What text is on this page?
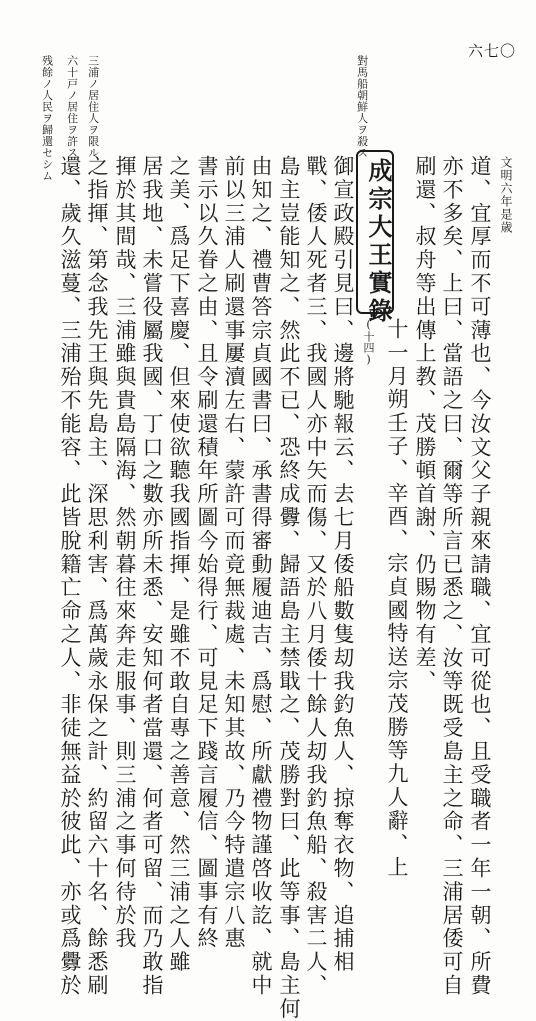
六七〇
文明六年是歳
對馬船朝鮮人ヲ殺ス
三浦ノ居住人ヲ限ル
六十戸ノ居住ヲ許ス
残餘ノ人民ヲ歸還セシム
成宗大王實錄
(十四)	道、宜厚而不可薄也、今汝文父子親來請職、宜可從也、且受職者一年一朝、所費
亦不多矣、上曰、當語之曰、爾等所言已悉之、汝等既受島主之命、三浦居倭可自
刷還、叔舟等出傳上教、茂勝頓首謝、仍賜物有差、
十一月朔壬子、辛酉、宗貞國特送宗茂勝等九人辭、上
御宣政殿引見曰、邊將馳報云、去七月倭船數隻刧我釣魚人、掠奪衣物、追捕相
戰、倭人死者三、我國人亦中矢而傷、又於八月倭十餘人刧我釣魚船、殺害二人、
島主豈能知之、然此不已、恐終成釁、歸語島主禁戢之、茂勝對曰、此等事、島主何
由知之、禮曹答宗貞國書曰、承書得審動履迪吉、爲慰、所獻禮物謹啓收訖、就中
前以三浦人刷還事屢瀆左右、蒙許可而竟無裁處、未知其故、乃今特遣宗八惠
書示以久眷之由、且令刷還積年所圖今始得行、可見足下踐言履信、圖事有終
之美、爲足下喜慶、但來使欲聽我國指揮、是雖不敢自專之善意、然三浦之人雖
居我地、未嘗役屬我國、丁口之數亦所未悉、安知何者當還、何者可留、而乃敢指
揮於其間哉、三浦雖與貴島隔海、然朝暮往來奔走服事、則三浦之事何待於我
之指揮、第念我先王與先島主、深思利害、爲萬歲永保之計、約留六十名、餘悉刷
還、歲久滋蔓、三浦殆不能容、此皆脫籍亡命之人、非徒無益於彼此、亦或爲釁於
